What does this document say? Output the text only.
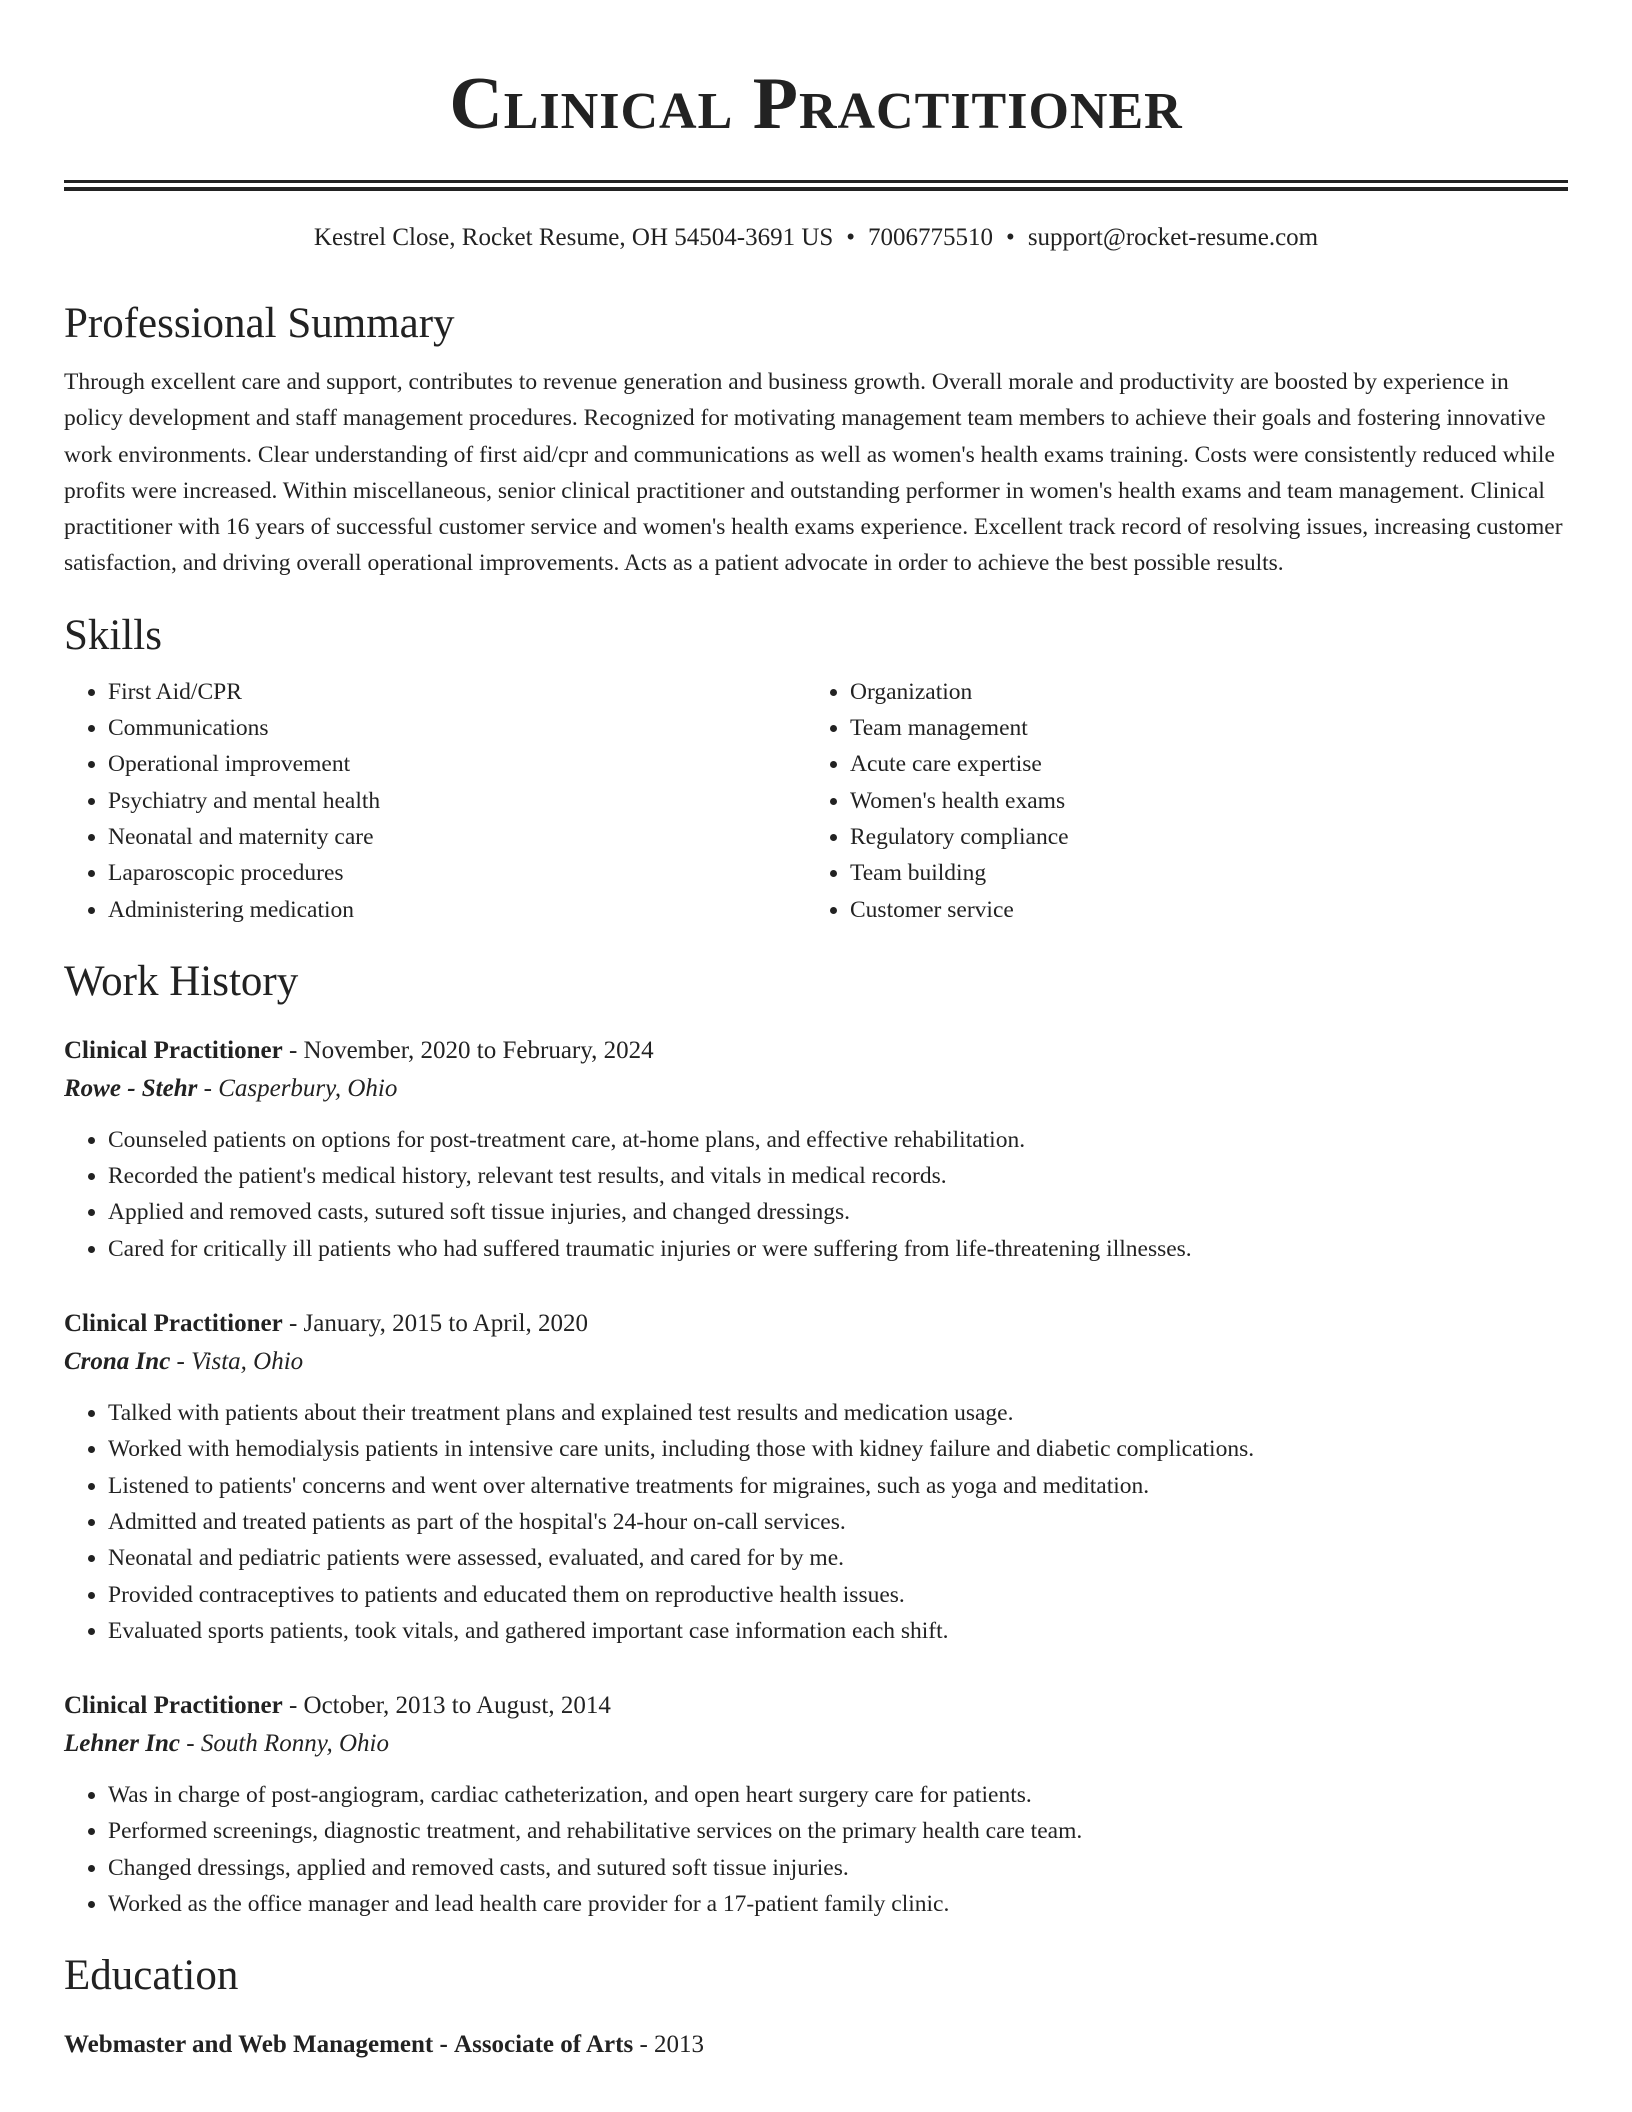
Clinical Practitioner
Kestrel Close, Rocket Resume, OH 54504-3691 US • 7006775510 • support@rocket-resume.com
Professional Summary

Through excellent care and support, contributes to revenue generation and business growth. Overall morale and productivity are boosted by experience in policy development and staff management procedures. Recognized for motivating management team members to achieve their goals and fostering innovative work environments. Clear understanding of first aid/cpr and communications as well as women's health exams training. Costs were consistently reduced while profits were increased. Within miscellaneous, senior clinical practitioner and outstanding performer in women's health exams and team management. Clinical practitioner with 16 years of successful customer service and women's health exams experience. Excellent track record of resolving issues, increasing customer satisfaction, and driving overall operational improvements. Acts as a patient advocate in order to achieve the best possible results.

Skills
• First Aid/CPR
• Communications
• Operational improvement
• Psychiatry and mental health
• Neonatal and maternity care
• Laparoscopic procedures
• Administering medication
• Organization
• Team management
• Acute care expertise
• Women's health exams
• Regulatory compliance
• Team building
• Customer service
Work History
Clinical Practitioner - November, 2020 to February, 2024
Rowe - Stehr - Casperbury, Ohio
• Counseled patients on options for post-treatment care, at-home plans, and effective rehabilitation.
• Recorded the patient's medical history, relevant test results, and vitals in medical records.
• Applied and removed casts, sutured soft tissue injuries, and changed dressings.
• Cared for critically ill patients who had suffered traumatic injuries or were suffering from life-threatening illnesses.
Clinical Practitioner - January, 2015 to April, 2020
Crona Inc - Vista, Ohio
• Talked with patients about their treatment plans and explained test results and medication usage.
• Worked with hemodialysis patients in intensive care units, including those with kidney failure and diabetic complications.
• Listened to patients' concerns and went over alternative treatments for migraines, such as yoga and meditation.
• Admitted and treated patients as part of the hospital's 24-hour on-call services.
• Neonatal and pediatric patients were assessed, evaluated, and cared for by me.
• Provided contraceptives to patients and educated them on reproductive health issues.
• Evaluated sports patients, took vitals, and gathered important case information each shift.
Clinical Practitioner - October, 2013 to August, 2014
Lehner Inc - South Ronny, Ohio
• Was in charge of post-angiogram, cardiac catheterization, and open heart surgery care for patients.
• Performed screenings, diagnostic treatment, and rehabilitative services on the primary health care team.
• Changed dressings, applied and removed casts, and sutured soft tissue injuries.
• Worked as the office manager and lead health care provider for a 17-patient family clinic.
Education
Webmaster and Web Management - Associate of Arts - 2013
